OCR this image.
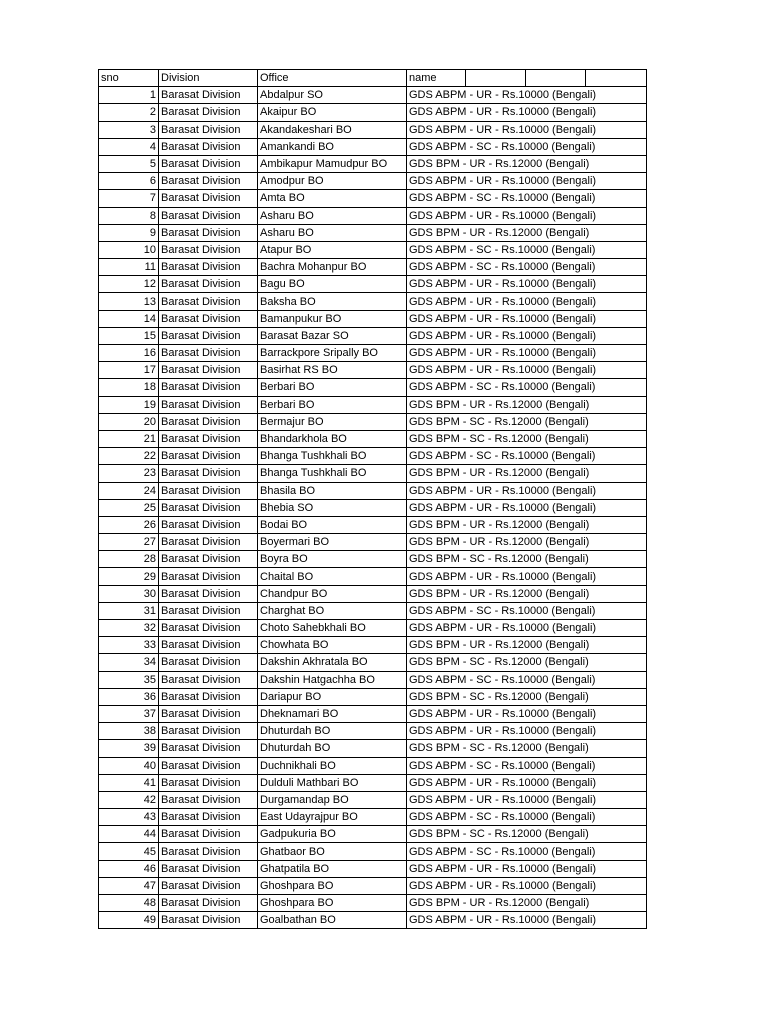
sno	Division	Office	name			
1	Barasat Division	Abdalpur SO	GDS ABPM - UR - Rs.10000 (Bengali)			
2	Barasat Division	Akaipur BO	GDS ABPM - UR - Rs.10000 (Bengali)			
3	Barasat Division	Akandakeshari BO	GDS ABPM - UR - Rs.10000 (Bengali)			
4	Barasat Division	Amankandi BO	GDS ABPM - SC - Rs.10000 (Bengali)			
5	Barasat Division	Ambikapur Mamudpur BO	GDS BPM - UR - Rs.12000 (Bengali)			
6	Barasat Division	Amodpur BO	GDS ABPM - UR - Rs.10000 (Bengali)			
7	Barasat Division	Amta BO	GDS ABPM - SC - Rs.10000 (Bengali)			
8	Barasat Division	Asharu BO	GDS ABPM - UR - Rs.10000 (Bengali)			
9	Barasat Division	Asharu BO	GDS BPM - UR - Rs.12000 (Bengali)			
10	Barasat Division	Atapur BO	GDS ABPM - SC - Rs.10000 (Bengali)			
11	Barasat Division	Bachra Mohanpur BO	GDS ABPM - SC - Rs.10000 (Bengali)			
12	Barasat Division	Bagu BO	GDS ABPM - UR - Rs.10000 (Bengali)			
13	Barasat Division	Baksha BO	GDS ABPM - UR - Rs.10000 (Bengali)			
14	Barasat Division	Bamanpukur BO	GDS ABPM - UR - Rs.10000 (Bengali)			
15	Barasat Division	Barasat Bazar SO	GDS ABPM - UR - Rs.10000 (Bengali)			
16	Barasat Division	Barrackpore Sripally BO	GDS ABPM - UR - Rs.10000 (Bengali)			
17	Barasat Division	Basirhat RS BO	GDS ABPM - UR - Rs.10000 (Bengali)			
18	Barasat Division	Berbari BO	GDS ABPM - SC - Rs.10000 (Bengali)			
19	Barasat Division	Berbari BO	GDS BPM - UR - Rs.12000 (Bengali)			
20	Barasat Division	Bermajur BO	GDS BPM - SC - Rs.12000 (Bengali)			
21	Barasat Division	Bhandarkhola BO	GDS BPM - SC - Rs.12000 (Bengali)			
22	Barasat Division	Bhanga Tushkhali BO	GDS ABPM - SC - Rs.10000 (Bengali)			
23	Barasat Division	Bhanga Tushkhali BO	GDS BPM - UR - Rs.12000 (Bengali)			
24	Barasat Division	Bhasila BO	GDS ABPM - UR - Rs.10000 (Bengali)			
25	Barasat Division	Bhebia SO	GDS ABPM - UR - Rs.10000 (Bengali)			
26	Barasat Division	Bodai BO	GDS BPM - UR - Rs.12000 (Bengali)			
27	Barasat Division	Boyermari BO	GDS BPM - UR - Rs.12000 (Bengali)			
28	Barasat Division	Boyra BO	GDS BPM - SC - Rs.12000 (Bengali)			
29	Barasat Division	Chaital BO	GDS ABPM - UR - Rs.10000 (Bengali)			
30	Barasat Division	Chandpur BO	GDS BPM - UR - Rs.12000 (Bengali)			
31	Barasat Division	Charghat BO	GDS ABPM - SC - Rs.10000 (Bengali)			
32	Barasat Division	Choto Sahebkhali BO	GDS ABPM - UR - Rs.10000 (Bengali)			
33	Barasat Division	Chowhata BO	GDS BPM - UR - Rs.12000 (Bengali)			
34	Barasat Division	Dakshin Akhratala BO	GDS BPM - SC - Rs.12000 (Bengali)			
35	Barasat Division	Dakshin Hatgachha BO	GDS ABPM - SC - Rs.10000 (Bengali)			
36	Barasat Division	Dariapur BO	GDS BPM - SC - Rs.12000 (Bengali)			
37	Barasat Division	Dheknamari BO	GDS ABPM - UR - Rs.10000 (Bengali)			
38	Barasat Division	Dhuturdah BO	GDS ABPM - UR - Rs.10000 (Bengali)			
39	Barasat Division	Dhuturdah BO	GDS BPM - SC - Rs.12000 (Bengali)			
40	Barasat Division	Duchnikhali BO	GDS ABPM - SC - Rs.10000 (Bengali)			
41	Barasat Division	Dulduli Mathbari BO	GDS ABPM - UR - Rs.10000 (Bengali)			
42	Barasat Division	Durgamandap BO	GDS ABPM - UR - Rs.10000 (Bengali)			
43	Barasat Division	East Udayrajpur BO	GDS ABPM - SC - Rs.10000 (Bengali)			
44	Barasat Division	Gadpukuria BO	GDS BPM - SC - Rs.12000 (Bengali)			
45	Barasat Division	Ghatbaor BO	GDS ABPM - SC - Rs.10000 (Bengali)			
46	Barasat Division	Ghatpatila BO	GDS ABPM - UR - Rs.10000 (Bengali)			
47	Barasat Division	Ghoshpara BO	GDS ABPM - UR - Rs.10000 (Bengali)			
48	Barasat Division	Ghoshpara BO	GDS BPM - UR - Rs.12000 (Bengali)			
49	Barasat Division	Goalbathan BO	GDS ABPM - UR - Rs.10000 (Bengali)			
